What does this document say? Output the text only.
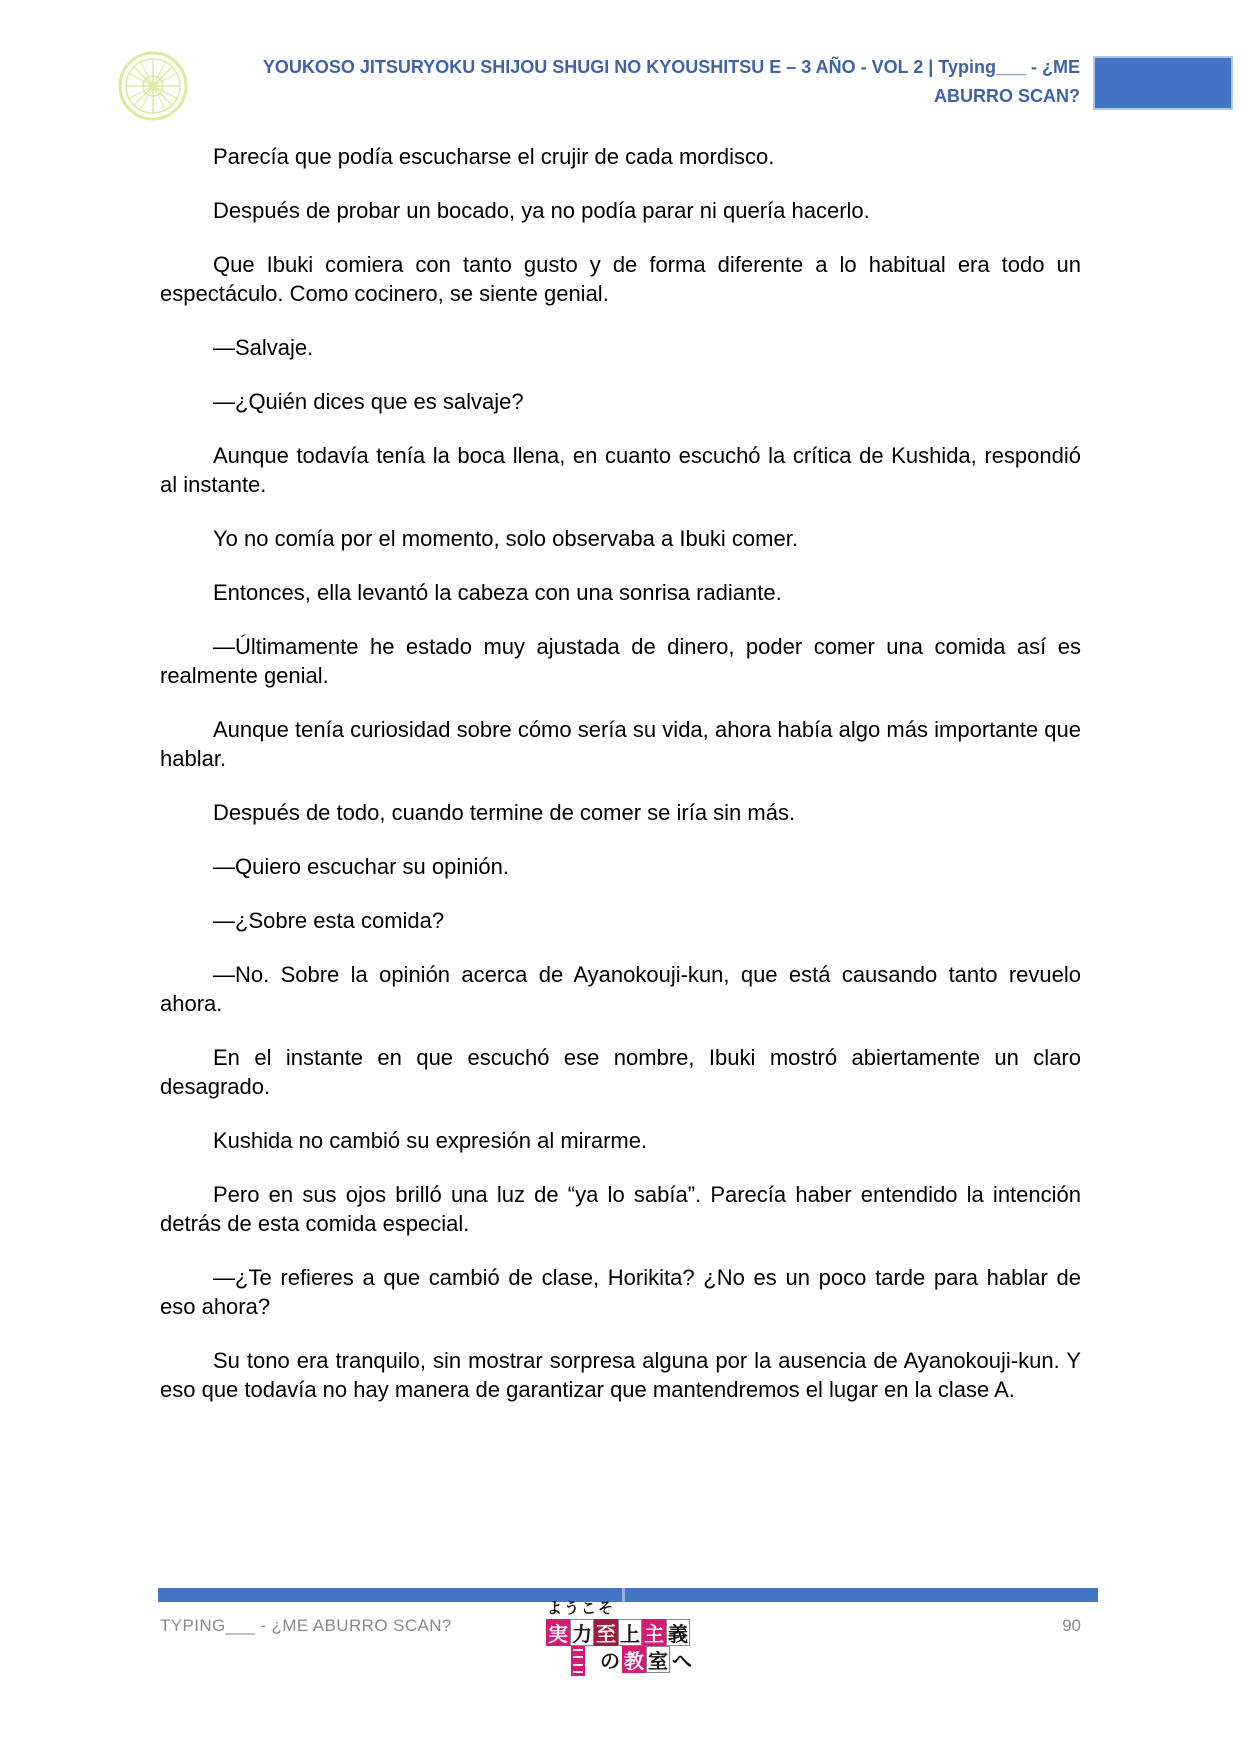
YOUKOSO JITSURYOKU SHIJOU SHUGI NO KYOUSHITSU E – 3 AÑO - VOL 2 | Typing___ - ¿ME
ABURRO SCAN?

Parecía que podía escucharse el crujir de cada mordisco.

Después de probar un bocado, ya no podía parar ni quería hacerlo.

Que Ibuki comiera con tanto gusto y de forma diferente a lo habitual era todo un espectáculo. Como cocinero, se siente genial.

—Salvaje.

—¿Quién dices que es salvaje?

Aunque todavía tenía la boca llena, en cuanto escuchó la crítica de Kushida, respondió al instante.

Yo no comía por el momento, solo observaba a Ibuki comer.

Entonces, ella levantó la cabeza con una sonrisa radiante.

—Últimamente he estado muy ajustada de dinero, poder comer una comida así es realmente genial.

Aunque tenía curiosidad sobre cómo sería su vida, ahora había algo más importante que hablar.

Después de todo, cuando termine de comer se iría sin más.

—Quiero escuchar su opinión.

—¿Sobre esta comida?

—No. Sobre la opinión acerca de Ayanokouji-kun, que está causando tanto revuelo ahora.

En el instante en que escuchó ese nombre, Ibuki mostró abiertamente un claro desagrado.

Kushida no cambió su expresión al mirarme.

Pero en sus ojos brilló una luz de “ya lo sabía”. Parecía haber entendido la intención detrás de esta comida especial.

—¿Te refieres a que cambió de clase, Horikita? ¿No es un poco tarde para hablar de eso ahora?

Su tono era tranquilo, sin mostrar sorpresa alguna por la ausencia de Ayanokouji-kun. Y eso que todavía no hay manera de garantizar que mantendremos el lugar en la clase A.

TYPING___ - ¿ME ABURRO SCAN?
ようこそ
実 力 至 上 主 義
の 教 室 へ
90
